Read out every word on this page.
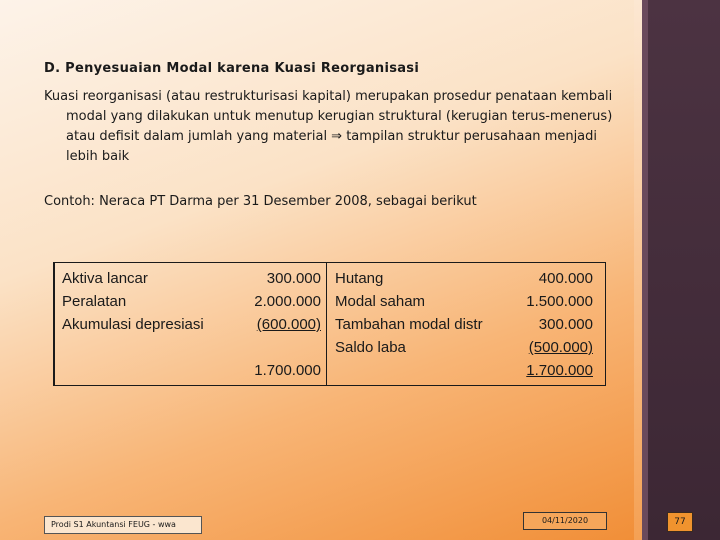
D. Penyesuaian Modal karena Kuasi Reorganisasi
Kuasi reorganisasi (atau restrukturisasi kapital) merupakan prosedur penataan kembali
modal yang dilakukan untuk menutup kerugian struktural (kerugian terus-menerus)
atau defisit dalam jumlah yang material ⇒ tampilan struktur perusahaan menjadi
lebih baik
Contoh: Neraca PT Darma per 31 Desember 2008, sebagai berikut
Aktiva lancar
Peralatan
Akumulasi depresiasi
300.000
2.000.000
(600.000)
1.700.000
Hutang
Modal saham
Tambahan modal distr
Saldo laba
400.000
1.500.000
300.000
(500.000)
1.700.000
Prodi S1 Akuntansi FEUG - wwa	04/11/2020	77
